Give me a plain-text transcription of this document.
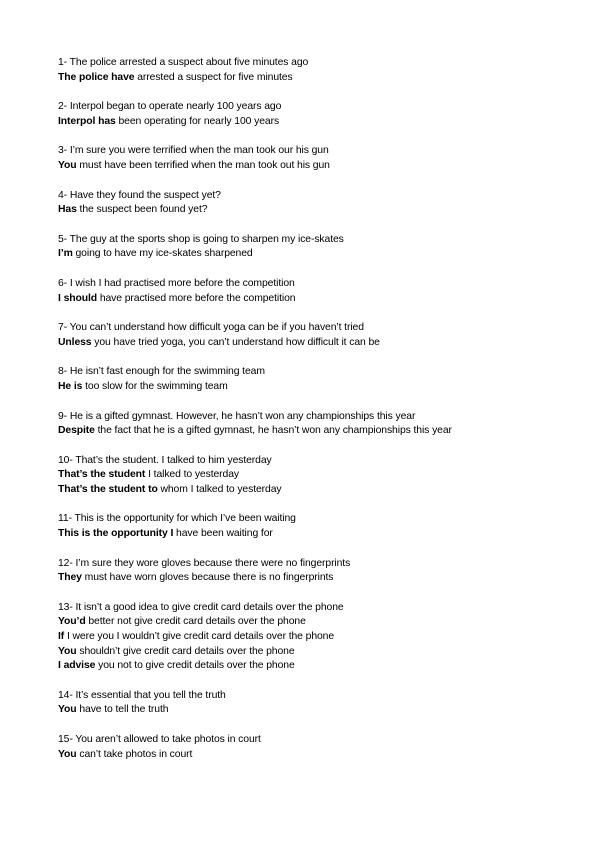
1- The police arrested a suspect about five minutes ago
The police have arrested a suspect for five minutes
2- Interpol began to operate nearly 100 years ago
Interpol has been operating for nearly 100 years
3- I’m sure you were terrified when the man took our his gun
You must have been terrified when the man took out his gun
4- Have they found the suspect yet?
Has the suspect been found yet?
5- The guy at the sports shop is going to sharpen my ice-skates
I’m going to have my ice-skates sharpened
6- I wish I had practised more before the competition
I should have practised more before the competition
7- You can’t understand how difficult yoga can be if you haven’t tried
Unless you have tried yoga, you can’t understand how difficult it can be
8- He isn’t fast enough for the swimming team
He is too slow for the swimming team
9- He is a gifted gymnast. However, he hasn’t won any championships this year
Despite the fact that he is a gifted gymnast, he hasn’t won any championships this year
10- That’s the student. I talked to him yesterday
That’s the student I talked to yesterday
That’s the student to whom I talked to yesterday
11- This is the opportunity for which I’ve been waiting
This is the opportunity I have been waiting for
12- I’m sure they wore gloves because there were no fingerprints
They must have worn gloves because there is no fingerprints
13- It isn’t a good idea to give credit card details over the phone
You’d better not give credit card details over the phone
If I were you I wouldn’t give credit card details over the phone
You shouldn’t give credit card details over the phone
I advise you not to give credit details over the phone
14- It’s essential that you tell the truth
You have to tell the truth
15- You aren’t allowed to take photos in court
You can’t take photos in court
